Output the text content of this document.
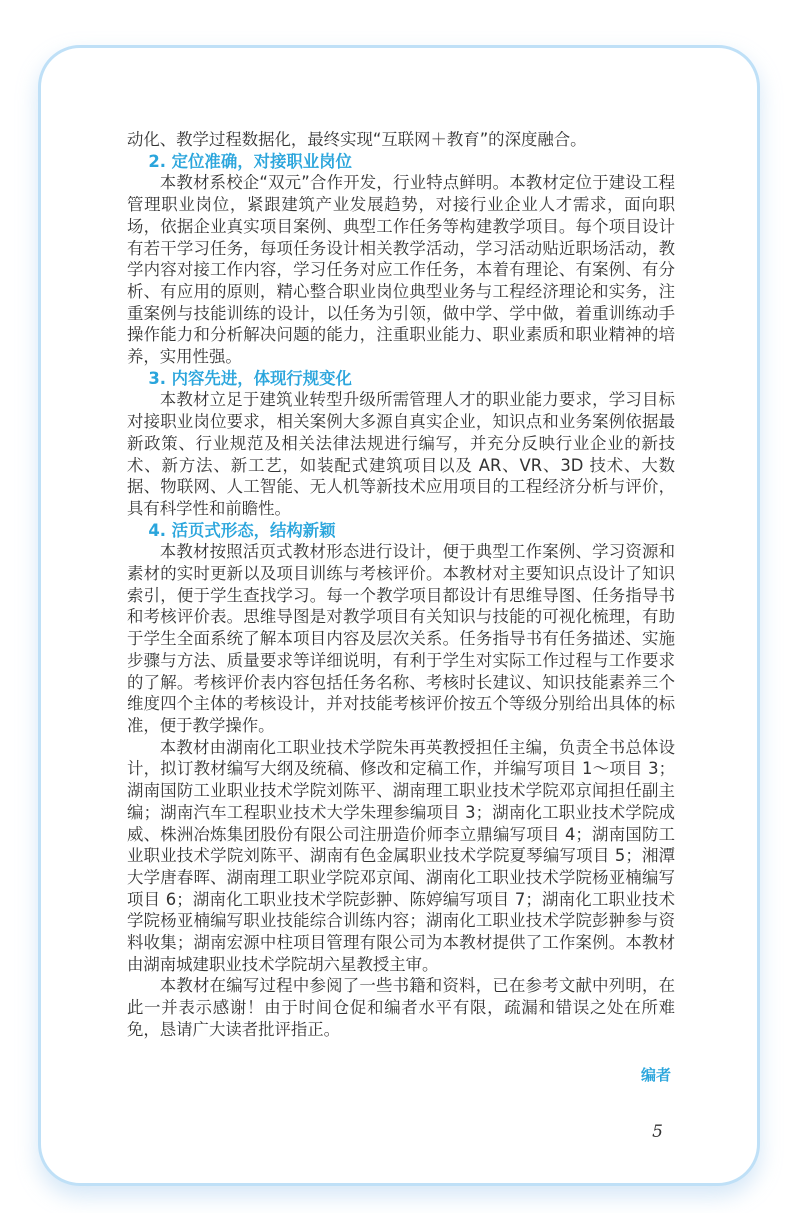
动化、教学过程数据化，最终实现“互联网＋教育”的深度融合。

2. 定位准确，对接职业岗位

本教材系校企“双元”合作开发，行业特点鲜明。本教材定位于建设工程管理职业岗位，紧跟建筑产业发展趋势，对接行业企业人才需求，面向职场，依据企业真实项目案例、典型工作任务等构建教学项目。每个项目设计有若干学习任务，每项任务设计相关教学活动，学习活动贴近职场活动，教学内容对接工作内容，学习任务对应工作任务，本着有理论、有案例、有分析、有应用的原则，精心整合职业岗位典型业务与工程经济理论和实务，注重案例与技能训练的设计，以任务为引领，做中学、学中做，着重训练动手操作能力和分析解决问题的能力，注重职业能力、职业素质和职业精神的培养，实用性强。

3. 内容先进，体现行规变化

本教材立足于建筑业转型升级所需管理人才的职业能力要求，学习目标对接职业岗位要求，相关案例大多源自真实企业，知识点和业务案例依据最新政策、行业规范及相关法律法规进行编写，并充分反映行业企业的新技术、新方法、新工艺，如装配式建筑项目以及 AR、VR、3D 技术、大数据、物联网、人工智能、无人机等新技术应用项目的工程经济分析与评价，具有科学性和前瞻性。

4. 活页式形态，结构新颖

本教材按照活页式教材形态进行设计，便于典型工作案例、学习资源和素材的实时更新以及项目训练与考核评价。本教材对主要知识点设计了知识索引，便于学生查找学习。每一个教学项目都设计有思维导图、任务指导书和考核评价表。思维导图是对教学项目有关知识与技能的可视化梳理，有助于学生全面系统了解本项目内容及层次关系。任务指导书有任务描述、实施步骤与方法、质量要求等详细说明，有利于学生对实际工作过程与工作要求的了解。考核评价表内容包括任务名称、考核时长建议、知识技能素养三个维度四个主体的考核设计，并对技能考核评价按五个等级分别给出具体的标准，便于教学操作。

本教材由湖南化工职业技术学院朱再英教授担任主编，负责全书总体设计，拟订教材编写大纲及统稿、修改和定稿工作，并编写项目 1～项目 3；湖南国防工业职业技术学院刘陈平、湖南理工职业技术学院邓京闻担任副主编；湖南汽车工程职业技术大学朱理参编项目 3；湖南化工职业技术学院成威、株洲冶炼集团股份有限公司注册造价师李立鼎编写项目 4；湖南国防工业职业技术学院刘陈平、湖南有色金属职业技术学院夏琴编写项目 5；湘潭大学唐春晖、湖南理工职业学院邓京闻、湖南化工职业技术学院杨亚楠编写项目 6；湖南化工职业技术学院彭翀、陈婷编写项目 7；湖南化工职业技术学院杨亚楠编写职业技能综合训练内容；湖南化工职业技术学院彭翀参与资料收集；湖南宏源中柱项目管理有限公司为本教材提供了工作案例。本教材由湖南城建职业技术学院胡六星教授主审。

本教材在编写过程中参阅了一些书籍和资料，已在参考文献中列明，在此一并表示感谢！由于时间仓促和编者水平有限，疏漏和错误之处在所难免，恳请广大读者批评指正。

编者
5
